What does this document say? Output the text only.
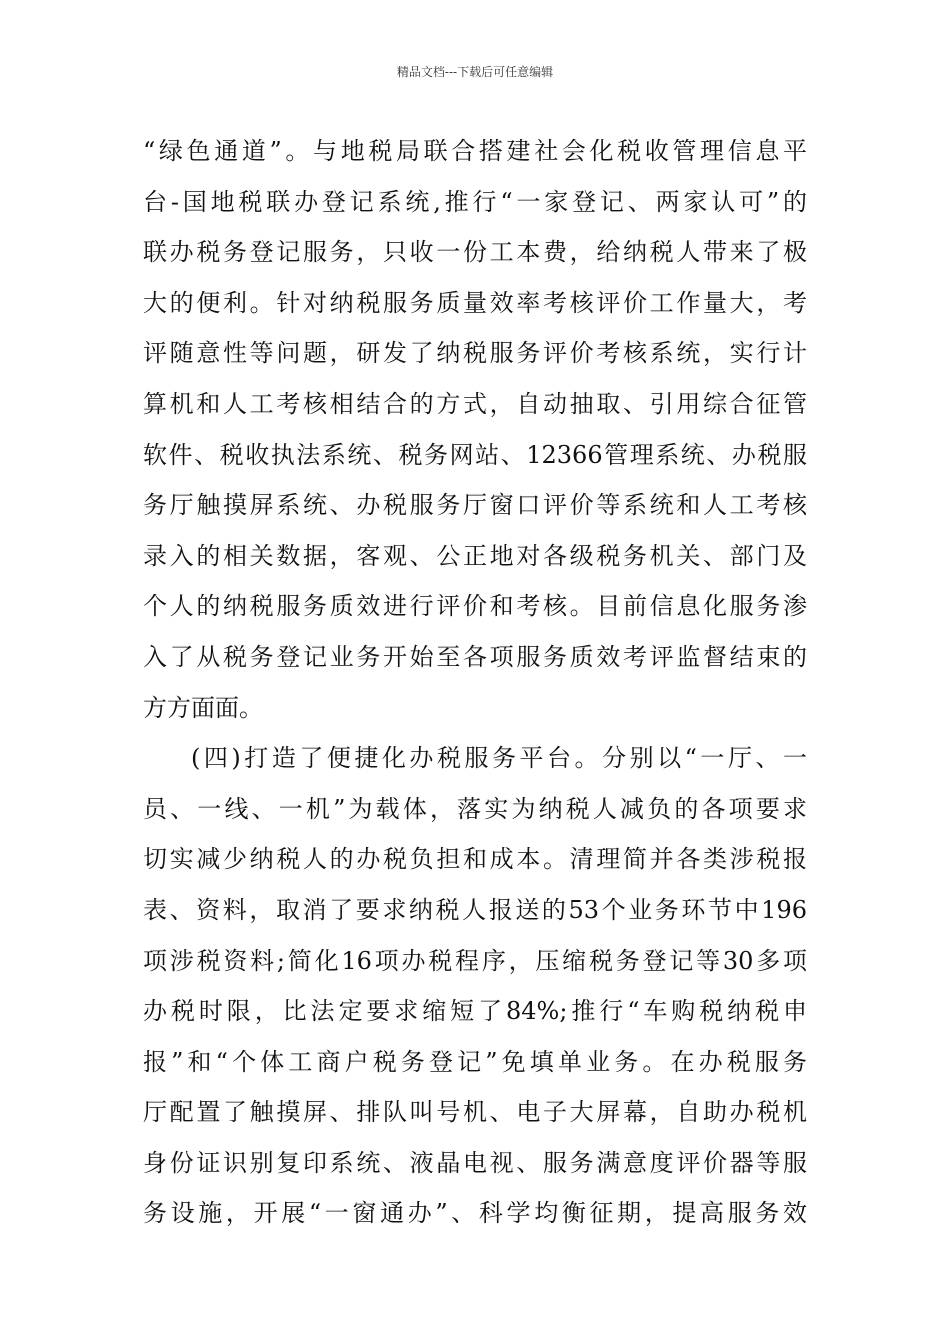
精品文档---下载后可任意编辑
“绿色通道”。与地税局联合搭建社会化税收管理信息平
台-国地税联办登记系统,推行“一家登记、两家认可”的
联办税务登记服务，只收一份工本费，给纳税人带来了极
大的便利。针对纳税服务质量效率考核评价工作量大，考
评随意性等问题，研发了纳税服务评价考核系统，实行计
算机和人工考核相结合的方式，自动抽取、引用综合征管
软件、税收执法系统、税务网站、12366管理系统、办税服
务厅触摸屏系统、办税服务厅窗口评价等系统和人工考核
录入的相关数据，客观、公正地对各级税务机关、部门及
个人的纳税服务质效进行评价和考核。目前信息化服务渗
入了从税务登记业务开始至各项服务质效考评监督结束的
方方面面。
(四)打造了便捷化办税服务平台。分别以“一厅、一
员、一线、一机”为载体，落实为纳税人减负的各项要求
切实减少纳税人的办税负担和成本。清理简并各类涉税报
表、资料，取消了要求纳税人报送的53个业务环节中196
项涉税资料;简化16项办税程序，压缩税务登记等30多项
办税时限，比法定要求缩短了84%;推行“车购税纳税申
报”和“个体工商户税务登记”免填单业务。在办税服务
厅配置了触摸屏、排队叫号机、电子大屏幕，自助办税机
身份证识别复印系统、液晶电视、服务满意度评价器等服
务设施，开展“一窗通办”、科学均衡征期，提高服务效
